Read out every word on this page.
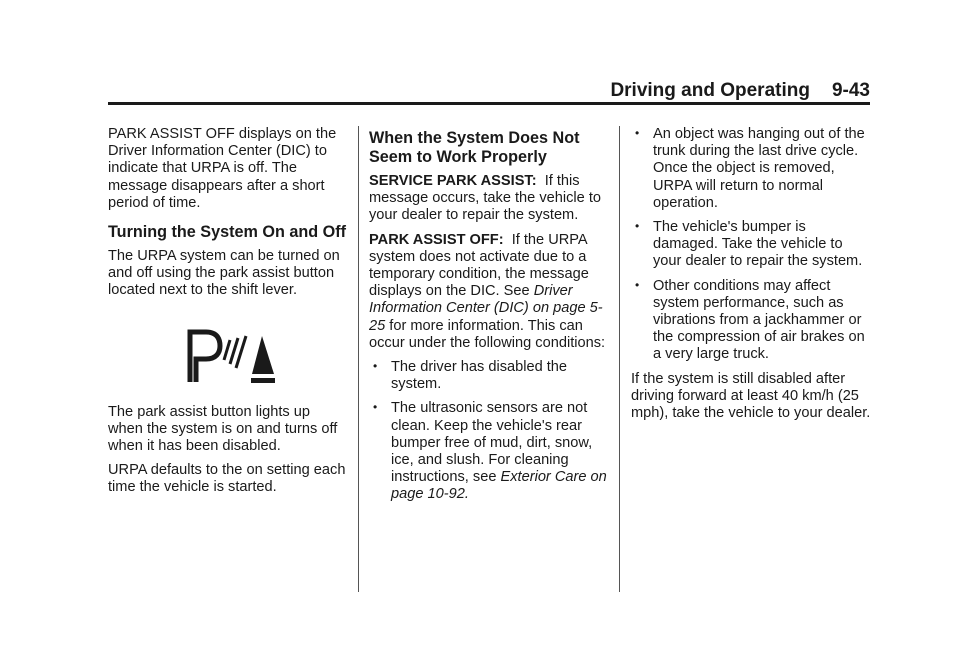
Driving and Operating 9-43

PARK ASSIST OFF displays on the Driver Information Center (DIC) to indicate that URPA is off. The message disappears after a short period of time.

Turning the System On and Off

The URPA system can be turned on and off using the park assist button located next to the shift lever.

The park assist button lights up when the system is on and turns off when it has been disabled.

URPA defaults to the on setting each time the vehicle is started.

When the System Does Not Seem to Work Properly

SERVICE PARK ASSIST: If this message occurs, take the vehicle to your dealer to repair the system.

PARK ASSIST OFF: If the URPA system does not activate due to a temporary condition, the message displays on the DIC. See Driver Information Center (DIC) on page 5-25 for more information. This can occur under the following conditions:

• The driver has disabled the system.
• The ultrasonic sensors are not clean. Keep the vehicle's rear bumper free of mud, dirt, snow, ice, and slush. For cleaning instructions, see Exterior Care on page 10-92.
• An object was hanging out of the trunk during the last drive cycle. Once the object is removed, URPA will return to normal operation.
• The vehicle's bumper is damaged. Take the vehicle to your dealer to repair the system.
• Other conditions may affect system performance, such as vibrations from a jackhammer or the compression of air brakes on a very large truck.

If the system is still disabled after driving forward at least 40 km/h (25 mph), take the vehicle to your dealer.
